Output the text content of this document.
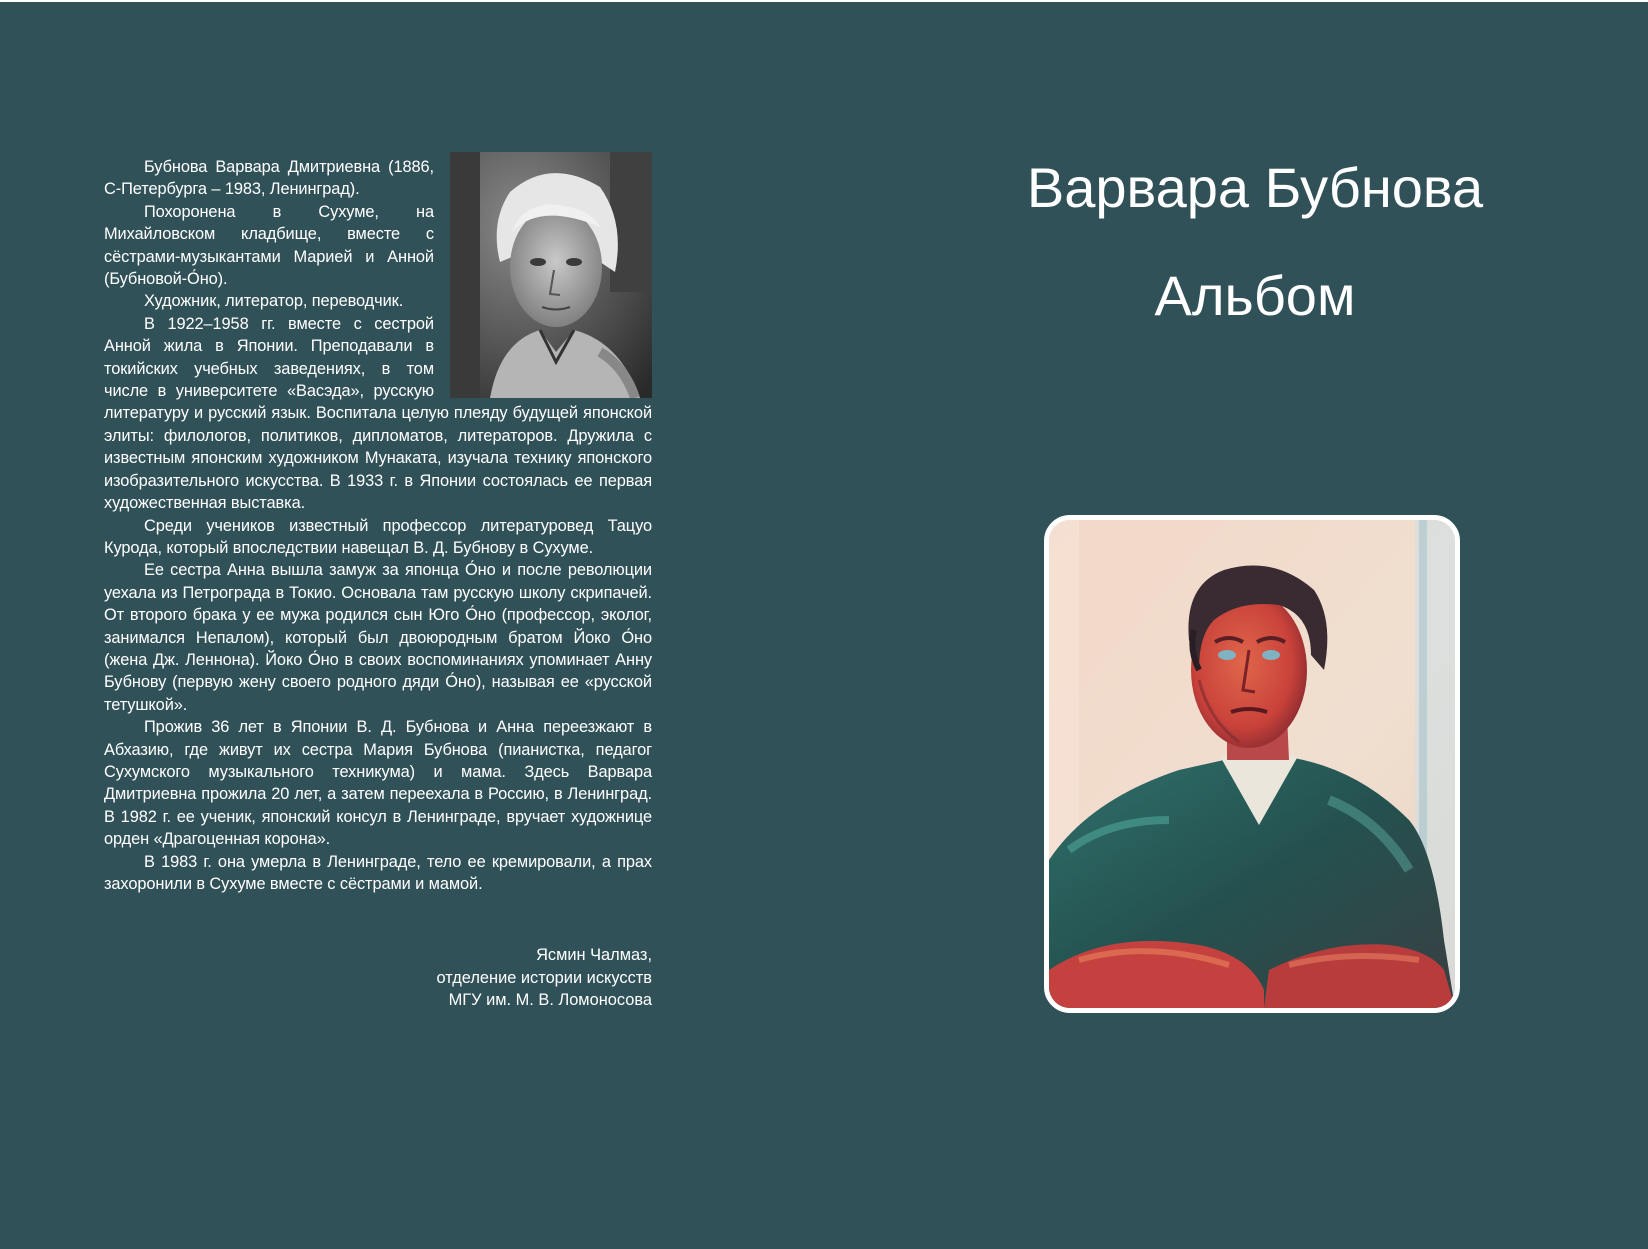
Бубнова Варвара Дмитриевна (1886, С-Петербурга – 1983, Ленинград).

Похоронена в Сухуме, на Михайловском кладбище, вместе с сёстрами-музыкантами Марией и Анной (Бубновой-О́но).

Художник, литератор, переводчик.

В 1922–1958 гг. вместе с сестрой Анной жила в Японии. Преподавали в токийских учебных заведениях, в том числе в университете «Васэда», русскую литературу и русский язык. Воспитала целую плеяду будущей японской элиты: филологов, политиков, дипломатов, литераторов. Дружила с известным японским художником Мунаката, изучала технику японского изобразительного искусства. В 1933 г. в Японии состоялась ее первая художественная выставка.

Среди учеников известный профессор литературовед Тацуо Курода, который впоследствии навещал В. Д. Бубнову в Сухуме.

Ее сестра Анна вышла замуж за японца О́но и после революции уехала из Петрограда в Токио. Основала там русскую школу скрипачей. От второго брака у ее мужа родился сын Юго О́но (профессор, эколог, занимался Непалом), который был двоюродным братом Йоко О́но (жена Дж. Леннона). Йоко О́но в своих воспоминаниях упоминает Анну Бубнову (первую жену своего родного дяди О́но), называя ее «русской тетушкой».

Прожив 36 лет в Японии В. Д. Бубнова и Анна переезжают в Абхазию, где живут их сестра Мария Бубнова (пианистка, педагог Сухумского музыкального техникума) и мама. Здесь Варвара Дмитриевна прожила 20 лет, а затем переехала в Россию, в Ленинград. В 1982 г. ее ученик, японский консул в Ленинграде, вручает художнице орден «Драгоценная корона».

В 1983 г. она умерла в Ленинграде, тело ее кремировали, а прах захоронили в Сухуме вместе с сёстрами и мамой.

Ясмин Чалмаз,
отделение истории искусств
МГУ им. М. В. Ломоносова
Варвара Бубнова
Альбом
